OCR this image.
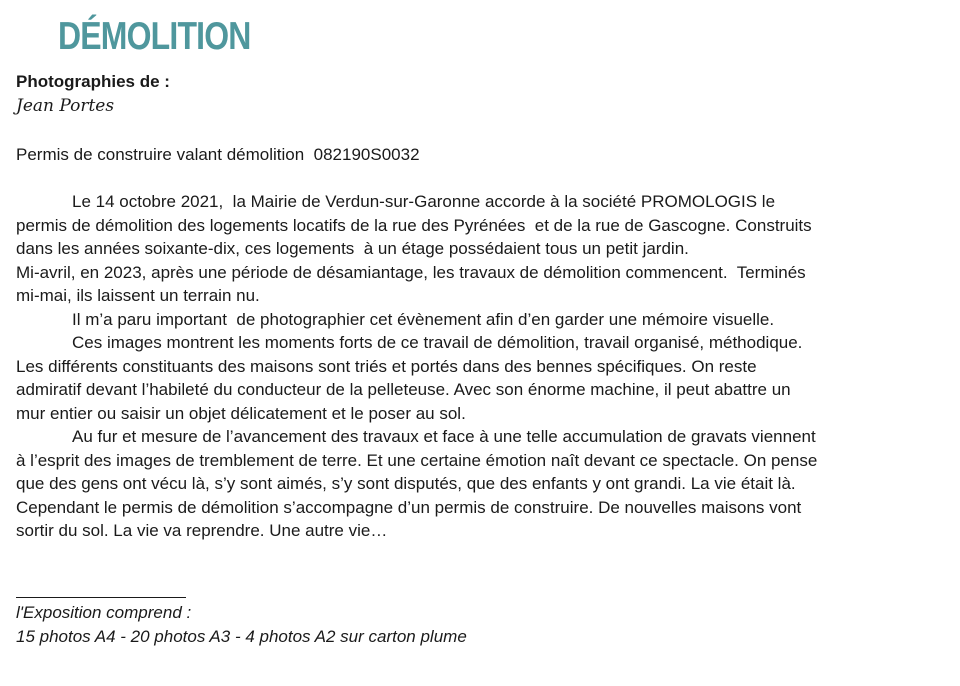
DÉMOLITION
Photographies de :
Jean Portes
Permis de construire valant démolition  082190S0032
Le 14 octobre 2021,  la Mairie de Verdun-sur-Garonne accorde à la société PROMOLOGIS le
permis de démolition des logements locatifs de la rue des Pyrénées  et de la rue de Gascogne. Construits
dans les années soixante-dix, ces logements  à un étage possédaient tous un petit jardin.
Mi-avril, en 2023, après une période de désamiantage, les travaux de démolition commencent.  Terminés
mi-mai, ils laissent un terrain nu.
Il m’a paru important  de photographier cet évènement afin d’en garder une mémoire visuelle.
Ces images montrent les moments forts de ce travail de démolition, travail organisé, méthodique.
Les différents constituants des maisons sont triés et portés dans des bennes spécifiques. On reste
admiratif devant l’habileté du conducteur de la pelleteuse. Avec son énorme machine, il peut abattre un
mur entier ou saisir un objet délicatement et le poser au sol.
Au fur et mesure de l’avancement des travaux et face à une telle accumulation de gravats viennent
à l’esprit des images de tremblement de terre. Et une certaine émotion naît devant ce spectacle. On pense
que des gens ont vécu là, s’y sont aimés, s’y sont disputés, que des enfants y ont grandi. La vie était là.
Cependant le permis de démolition s’accompagne d’un permis de construire. De nouvelles maisons vont
sortir du sol. La vie va reprendre. Une autre vie…
l'Exposition comprend :
15 photos A4 - 20 photos A3 - 4 photos A2 sur carton plume
